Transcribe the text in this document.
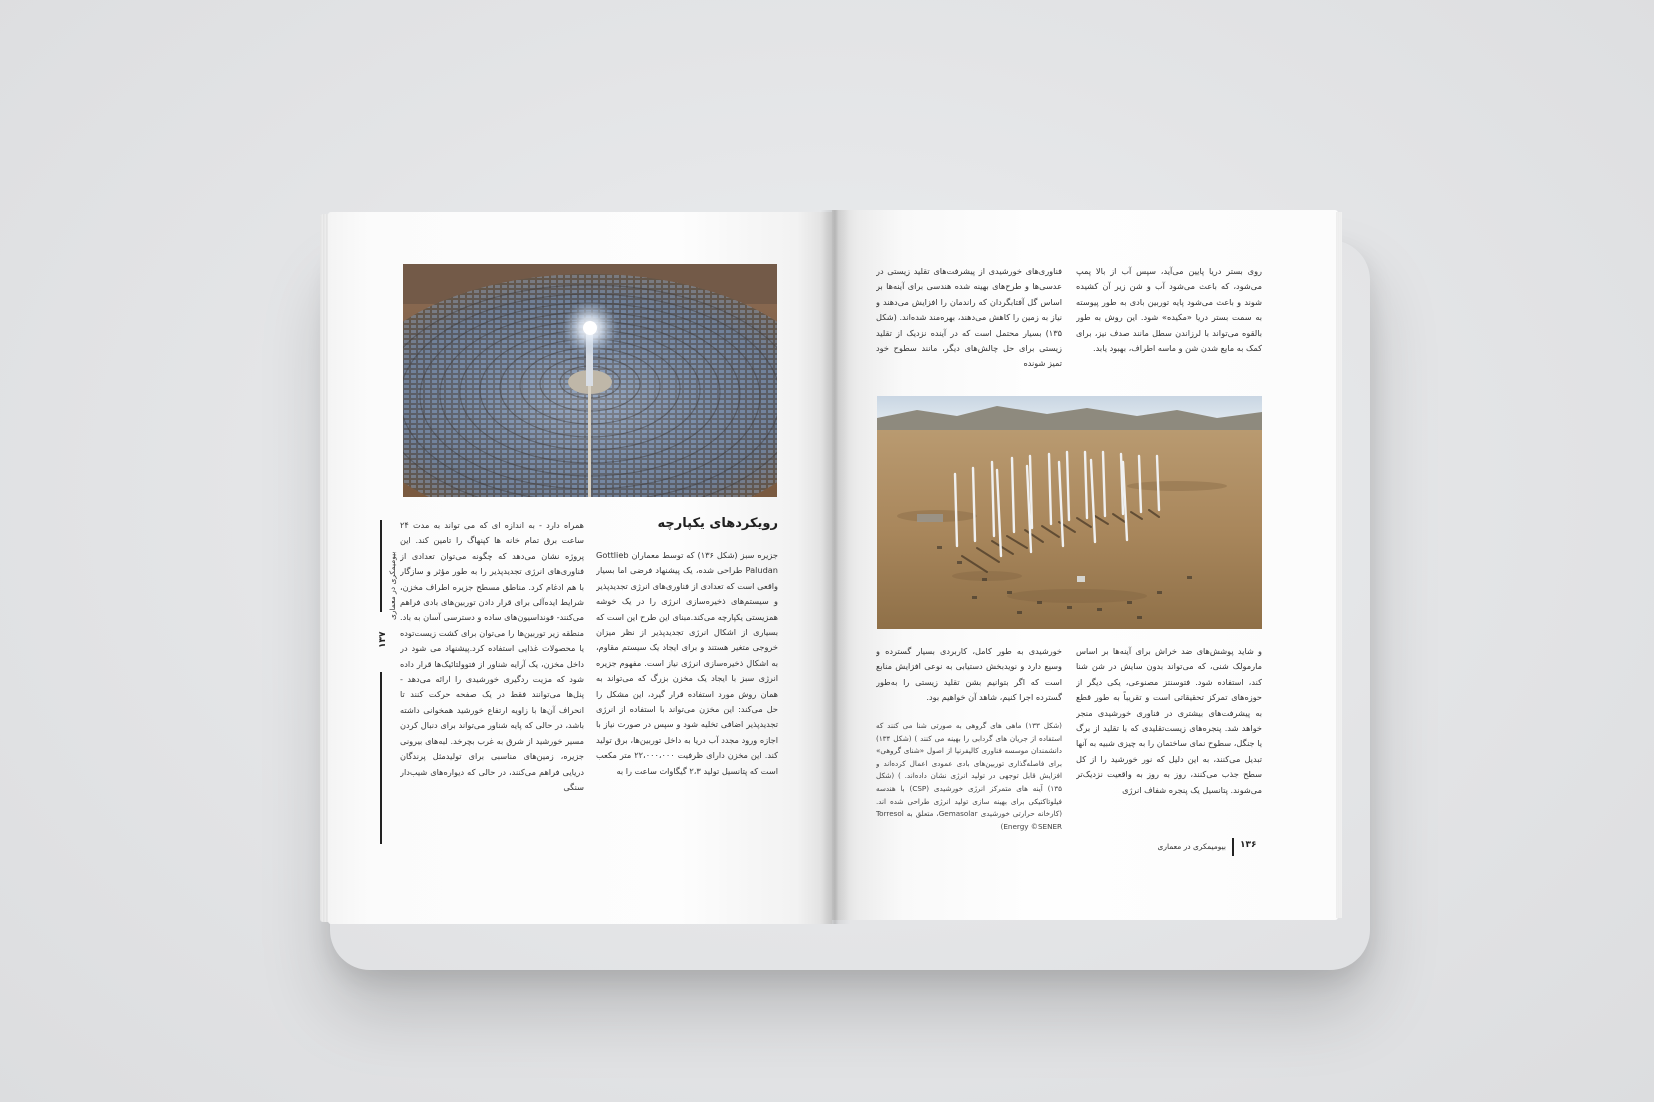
رویکردهای یکپارچه
جزیره سبز (شکل ۱۳۶) که توسط معماران Gottlieb Paludan طراحی شده، یک پیشنهاد فرضی اما بسیار واقعی است که تعدادی از فناوری‌های انرژی تجدیدپذیر و سیستم‌های ذخیره‌سازی انرژی را در یک خوشه همزیستی یکپارچه می‌کند.مبنای این طرح این است که بسیاری از اشکال انرژی تجدیدپذیر از نظر میزان خروجی متغیر هستند و برای ایجاد یک سیستم مقاوم، به اشکال ذخیره‌سازی انرژی نیاز است. مفهوم جزیره انرژی سبز با ایجاد یک مخزن بزرگ که می‌تواند به همان روش مورد استفاده قرار گیرد، این مشکل را حل می‌کند: این مخزن می‌تواند با استفاده از انرژی تجدیدپذیر اضافی تخلیه شود و سپس در صورت نیاز با اجازه ورود مجدد آب دریا به داخل توربین‌ها، برق تولید کند. این مخزن دارای ظرفیت ۲۲،۰۰۰،۰۰۰ متر مکعب است که پتانسیل تولید ۲،۳ گیگاوات ساعت را به
همراه دارد - به اندازه ای که می تواند به مدت ۲۴ ساعت برق تمام خانه ها کپنهاگ را تامین کند. این پروژه نشان می‌دهد که چگونه می‌توان تعدادی از فناوری‌های انرژی تجدیدپذیر را به طور مؤثر و سازگار با هم ادغام کرد. مناطق مسطح جزیره اطراف مخزن، شرایط ایده‌آلی برای قرار دادن توربین‌های بادی فراهم می‌کنند- فونداسیون‌های ساده و دسترسی آسان به باد. منطقه زیر توربین‌ها را می‌توان برای کشت زیست‌توده یا محصولات غذایی استفاده کرد.پیشنهاد می شود در داخل مخزن، یک آرایه شناور از فتوولتائیک‌ها قرار داده شود که مزیت ردگیری خورشیدی را ارائه می‌دهد - پنل‌ها می‌توانند فقط در یک صفحه حرکت کنند تا انحراف آن‌ها با زاویه ارتفاع خورشید همخوانی داشته باشد، در حالی که پایه شناور می‌تواند برای دنبال کردن مسیر خورشید از شرق به غرب بچرخد. لبه‌های بیرونی جزیره، زمین‌های مناسبی برای تولیدمثل پرندگان دریایی فراهم می‌کنند، در حالی که دیواره‌های شیب‌دار سنگی
بیومیمکری در معماری
۱۳۷
روی بستر دریا پایین می‌آید، سپس آب از بالا پمپ می‌شود، که باعث می‌شود آب و شن زیر آن کشیده شوند و باعث می‌شود پایه توربین بادی به طور پیوسته به سمت بستر دریا «مکیده» شود. این روش به طور بالقوه می‌تواند با لرزاندن سطل مانند صدف نیز، برای کمک به مایع شدن شن و ماسه اطراف، بهبود یابد.
فناوری‌های خورشیدی از پیشرفت‌های تقلید زیستی در عدسی‌ها و طرح‌های بهینه شده هندسی برای آینه‌ها بر اساس گل آفتابگردان که راندمان را افزایش می‌دهند و نیاز به زمین را کاهش می‌دهند، بهره‌مند شده‌اند. (شکل ۱۳۵) بسیار محتمل است که در آینده نزدیک از تقلید زیستی برای حل چالش‌های دیگر، مانند سطوح خود تمیز شونده
و شاید پوشش‌های ضد خراش برای آینه‌ها بر اساس مارمولک شنی، که می‌تواند بدون سایش در شن شنا کند، استفاده شود. فتوسنتز مصنوعی، یکی دیگر از حوزه‌های تمرکز تحقیقاتی است و تقریباً به طور قطع به پیشرفت‌های بیشتری در فناوری خورشیدی منجر خواهد شد. پنجره‌های زیست‌تقلیدی که با تقلید از برگ یا جنگل، سطوح نمای ساختمان را به چیزی شبیه به آنها تبدیل می‌کنند، به این دلیل که نور خورشید را از کل سطح جذب می‌کنند، روز به روز به واقعیت نزدیک‌تر می‌شوند. پتانسیل یک پنجره شفاف انرژی
خورشیدی به طور کامل، کاربردی بسیار گسترده و وسیع دارد و نویدبخش دستیابی به نوعی افزایش منابع است که اگر بتوانیم بشن تقلید زیستی را به‌طور گسترده اجرا کنیم، شاهد آن خواهیم بود.
(شکل ۱۳۳) ماهی های گروهی به صورتی شنا می کنند که استفاده از جریان های گردابی را بهینه می کنند ) (شکل ۱۳۴) دانشمندان موسسه فناوری کالیفرنیا از اصول «شنای گروهی» برای فاصله‌گذاری توربین‌های بادی عمودی اعمال کرده‌اند و افزایش قابل توجهی در تولید انرژی نشان داده‌اند. ) (شکل ۱۳۵) آینه های متمرکز انرژی خورشیدی (CSP) با هندسه فیلوتاکتیکی برای بهینه سازی تولید انرژی طراحی شده اند. (کارخانه حرارتی خورشیدی Gemasolar، متعلق به Torresol Energy ©SENER)
بیومیمکری در معماری ۱۳۶
